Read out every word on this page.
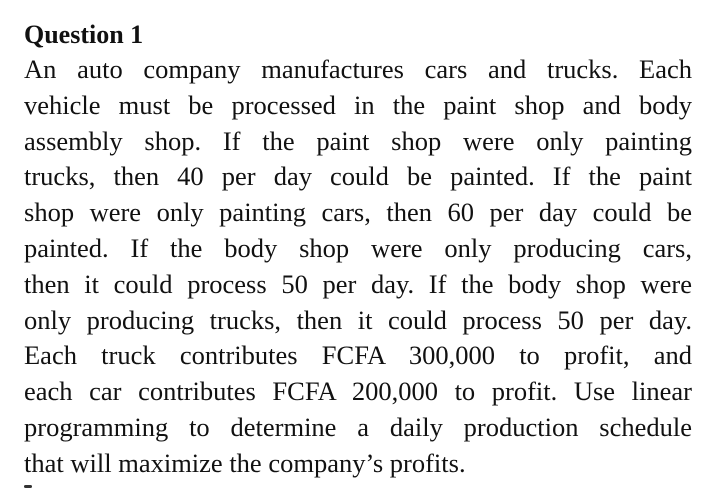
Question 1

An auto company manufactures cars and trucks. Each
vehicle must be processed in the paint shop and body
assembly shop. If the paint shop were only painting
trucks, then 40 per day could be painted. If the paint
shop were only painting cars, then 60 per day could be
painted. If the body shop were only producing cars,
then it could process 50 per day. If the body shop were
only producing trucks, then it could process 50 per day.
Each truck contributes FCFA 300,000 to profit, and
each car contributes FCFA 200,000 to profit. Use linear
programming to determine a daily production schedule
that will maximize the company’s profits.
